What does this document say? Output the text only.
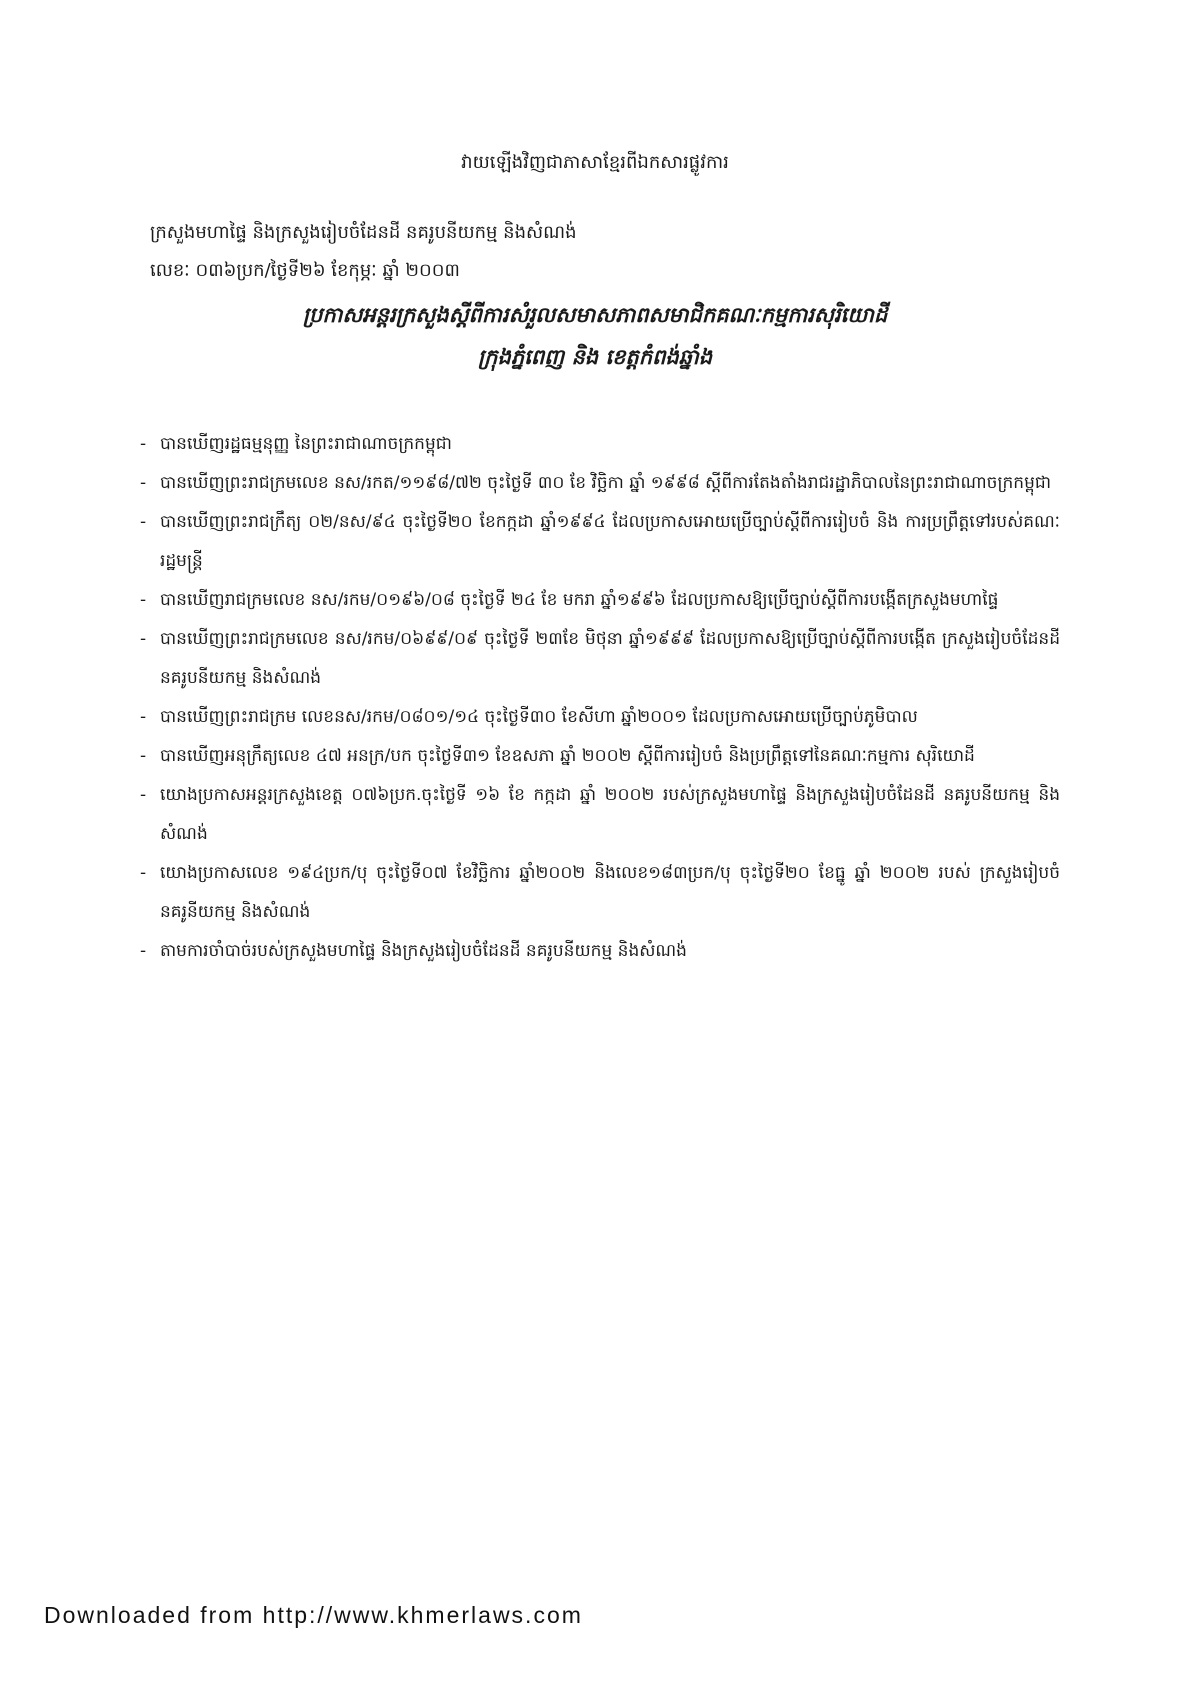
វាយឡើងវិញជាភាសាខ្មែរពីឯកសារផ្លូវការ
ក្រសួងមហាផ្ទៃ និងក្រសួងរៀបចំដែនដី នគរូបនីយកម្ម និងសំណង់
លេខៈ ០៣៦ប្រក/ថ្ងៃទី២៦ ខែកុម្ភៈ ឆ្នាំ ២០០៣
ប្រកាសអន្តរក្រសួងស្តីពីការសំរួលសមាសភាពសមាជិកគណៈកម្មការសុរិយោដី
ក្រុងភ្នំពេញ និង ខេត្តកំពង់ឆ្នាំង
- បានឃើញរដ្ឋធម្មនុញ្ញ នៃព្រះរាជាណាចក្រកម្ពុជា
- បានឃើញព្រះរាជក្រមលេខ នស/រកត/១១៩៨/៧២ ចុះថ្ងៃទី ៣០ ខែ វិច្ឆិកា ឆ្នាំ ១៩៩៨ ស្តីពីការតែងតាំងរាជរដ្ឋាភិបាលនៃព្រះរាជាណាចក្រកម្ពុជា
- បានឃើញព្រះរាជក្រឹត្យ ០២/នស/៩៤ ចុះថ្ងៃទី២០ ខែកក្កដា ឆ្នាំ១៩៩៤ ដែលប្រកាសអោយប្រើច្បាប់ស្តីពីការរៀបចំ និង ការប្រព្រឹត្តទៅរបស់គណៈរដ្ឋមន្ត្រី
- បានឃើញរាជក្រមលេខ នស/រកម/០១៩៦/០៨ ចុះថ្ងៃទី ២៤ ខែ មករា ឆ្នាំ១៩៩៦ ដែលប្រកាសឱ្យប្រើច្បាប់ស្តីពីការបង្កើតក្រសួងមហាផ្ទៃ
- បានឃើញព្រះរាជក្រមលេខ នស/រកម/០៦៩៩/០៩ ចុះថ្ងៃទី ២៣ខែ មិថុនា ឆ្នាំ១៩៩៩ ដែលប្រកាសឱ្យប្រើច្បាប់ស្តីពីការបង្កើត ក្រសួងរៀបចំដែនដី នគរូបនីយកម្ម និងសំណង់
- បានឃើញព្រះរាជក្រម លេខនស/រកម/០៨០១/១៤ ចុះថ្ងៃទី៣០ ខែសីហា ឆ្នាំ២០០១ ដែលប្រកាសអោយប្រើច្បាប់ភូមិបាល
- បានឃើញអនុក្រឹត្យលេខ ៤៧ អនក្រ/បក ចុះថ្ងៃទី៣១ ខែឧសភា ឆ្នាំ ២០០២ ស្តីពីការរៀបចំ និងប្រព្រឹត្តទៅនៃគណៈកម្មការ សុរិយោដី
- យោងប្រកាសអន្តរក្រសួងខេត្ត ០៧៦ប្រក.ចុះថ្ងៃទី ១៦ ខែ កក្កដា ឆ្នាំ ២០០២ របស់ក្រសួងមហាផ្ទៃ និងក្រសួងរៀបចំដែនដី នគរូបនីយកម្ម និងសំណង់
- យោងប្រកាសលេខ ១៩៤ប្រក/បុ ចុះថ្ងៃទី០៧ ខែវិច្ឆិការ ឆ្នាំ២០០២ និងលេខ១៨៣ប្រក/បុ ចុះថ្ងៃទី២០ ខែធ្នូ ឆ្នាំ ២០០២ របស់ ក្រសួងរៀបចំ នគរូនីយកម្ម និងសំណង់
- តាមការចាំបាច់របស់ក្រសួងមហាផ្ទៃ និងក្រសួងរៀបចំដែនដី នគរូបនីយកម្ម និងសំណង់
Downloaded from http://www.khmerlaws.com
